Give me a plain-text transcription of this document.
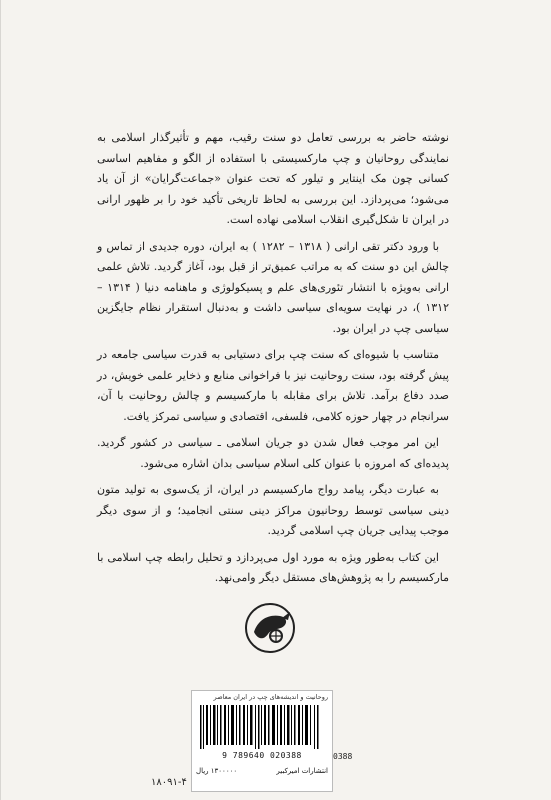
نوشته حاضر به بررسی تعامل دو سنت رقیب، مهم و تأثیرگذار اسلامی به نمایندگی روحانیان و چپ مارکسیستی با استفاده از الگو و مفاهیم اساسی کسانی چون مک اینتایر و تیلور که تحت عنوان «جماعت‌گرایان» از آن یاد می‌شود؛ می‌پردازد. این بررسی به لحاظ تاریخی تأکید خود را بر ظهور ارانی در ایران تا شکل‌گیری انقلاب اسلامی نهاده است.

با ورود دکتر تقی ارانی ( ۱۳۱۸ – ۱۲۸۲ ) به ایران، دوره جدیدی از تماس و چالش این دو سنت که به مراتب عمیق‌تر از قبل بود، آغاز گردید. تلاش علمی ارانی به‌ویژه با انتشار تئوری‌های علم و پسیکولوژی و ماهنامه دنیا ( ۱۳۱۴ – ۱۳۱۲ )، در نهایت سویه‌ای سیاسی داشت و به‌دنبال استقرار نظام جایگزین سیاسی چپ در ایران بود.

متناسب با شیوه‌ای که سنت چپ برای دستیابی به قدرت سیاسی جامعه در پیش گرفته بود، سنت روحانیت نیز با فراخوانی منابع و ذخایر علمی خویش، در صدد دفاع برآمد. تلاش برای مقابله با مارکسیسم و چالش روحانیت با آن، سرانجام در چهار حوزه کلامی، فلسفی، اقتصادی و سیاسی تمرکز یافت.

این امر موجب فعال شدن دو جریان اسلامی ـ سیاسی در کشور گردید. پدیده‌ای که امروزه با عنوان کلی اسلام سیاسی بدان اشاره می‌شود.

به عبارت دیگر، پیامد رواج مارکسیسم در ایران، از یک‌سوی به تولید متون دینی سیاسی توسط روحانیون مراکز دینی سنتی انجامید؛ و از سوی دیگر موجب پیدایی جریان چپ اسلامی گردید.

این کتاب به‌طور ویژه به مورد اول می‌پردازد و تحلیل رابطه چپ اسلامی با مارکسیسم را به پژوهش‌های مستقل دیگر وامی‌نهد.

روحانیت و اندیشه‌های چپ در ایران معاصر
9 789640 020388
انتشارات امیرکبیر
۱۳۰۰۰۰۰ ریال
0388
۱۸۰۹۱-۴
